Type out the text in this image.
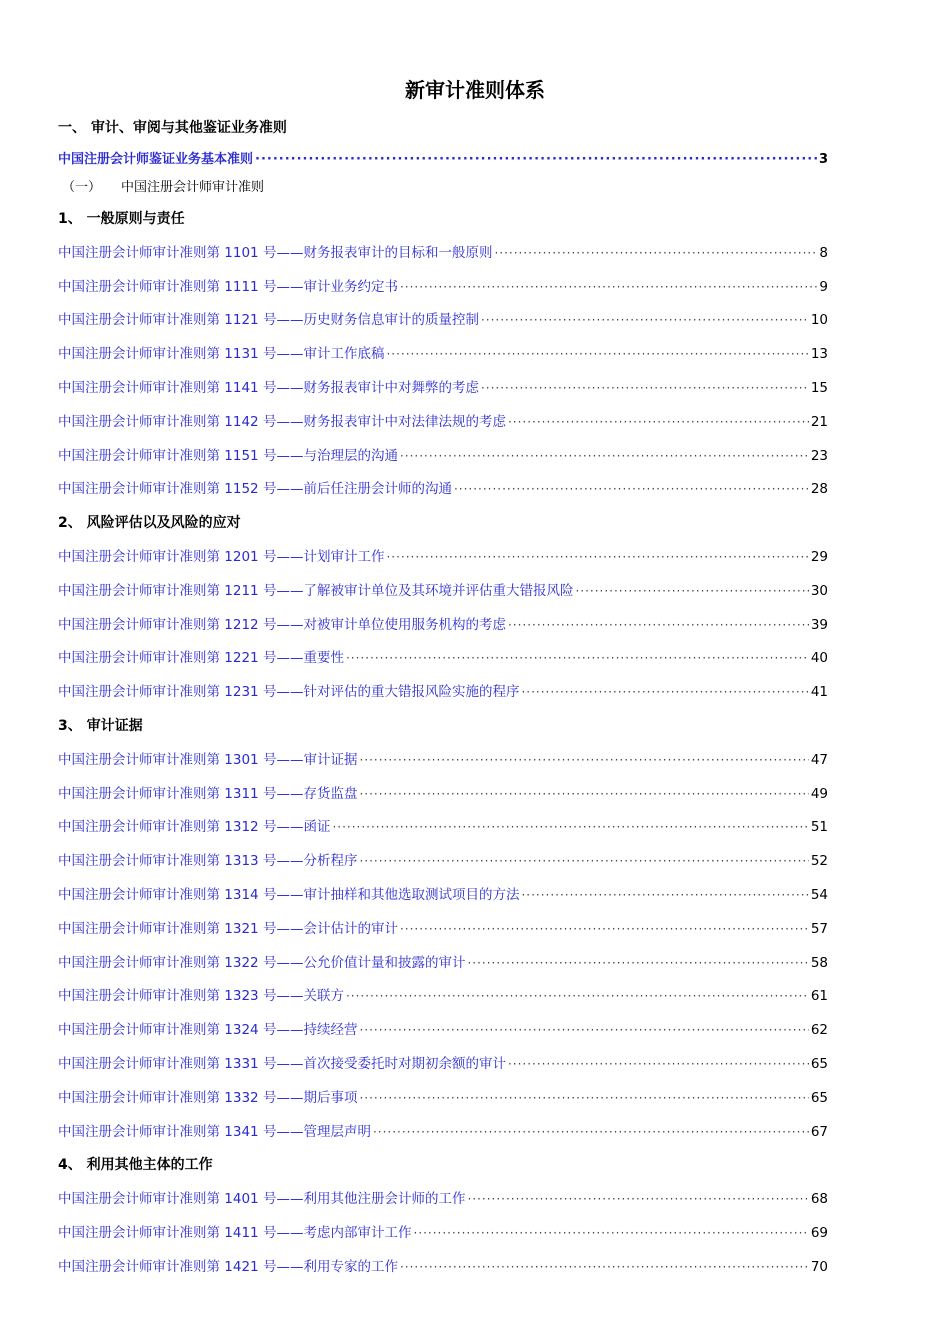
新审计准则体系
一、 审计、审阅与其他鉴证业务准则
中国注册会计师鉴证业务基本准则 ·····	3
（一） 中国注册会计师审计准则
1、 一般原则与责任
中国注册会计师审计准则第 1101 号——财务报表审计的目标和一般原则 ·····	8
中国注册会计师审计准则第 1111 号——审计业务约定书 ·····	9
中国注册会计师审计准则第 1121 号——历史财务信息审计的质量控制 ·····	10
中国注册会计师审计准则第 1131 号——审计工作底稿 ·····	13
中国注册会计师审计准则第 1141 号——财务报表审计中对舞弊的考虑 ·····	15
中国注册会计师审计准则第 1142 号——财务报表审计中对法律法规的考虑 ·····	21
中国注册会计师审计准则第 1151 号——与治理层的沟通 ·····	23
中国注册会计师审计准则第 1152 号——前后任注册会计师的沟通 ·····	28
2、 风险评估以及风险的应对
中国注册会计师审计准则第 1201 号——计划审计工作 ·····	29
中国注册会计师审计准则第 1211 号——了解被审计单位及其环境并评估重大错报风险 ·····	30
中国注册会计师审计准则第 1212 号——对被审计单位使用服务机构的考虑 ·····	39
中国注册会计师审计准则第 1221 号——重要性 ·····	40
中国注册会计师审计准则第 1231 号——针对评估的重大错报风险实施的程序 ·····	41
3、 审计证据
中国注册会计师审计准则第 1301 号——审计证据 ·····	47
中国注册会计师审计准则第 1311 号——存货监盘 ·····	49
中国注册会计师审计准则第 1312 号——函证 ·····	51
中国注册会计师审计准则第 1313 号——分析程序 ·····	52
中国注册会计师审计准则第 1314 号——审计抽样和其他选取测试项目的方法 ·····	54
中国注册会计师审计准则第 1321 号——会计估计的审计 ·····	57
中国注册会计师审计准则第 1322 号——公允价值计量和披露的审计 ·····	58
中国注册会计师审计准则第 1323 号——关联方 ·····	61
中国注册会计师审计准则第 1324 号——持续经营 ·····	62
中国注册会计师审计准则第 1331 号——首次接受委托时对期初余额的审计 ·····	65
中国注册会计师审计准则第 1332 号——期后事项 ·····	65
中国注册会计师审计准则第 1341 号——管理层声明 ·····	67
4、 利用其他主体的工作
中国注册会计师审计准则第 1401 号——利用其他注册会计师的工作 ·····	68
中国注册会计师审计准则第 1411 号——考虑内部审计工作 ·····	69
中国注册会计师审计准则第 1421 号——利用专家的工作 ·····	70
